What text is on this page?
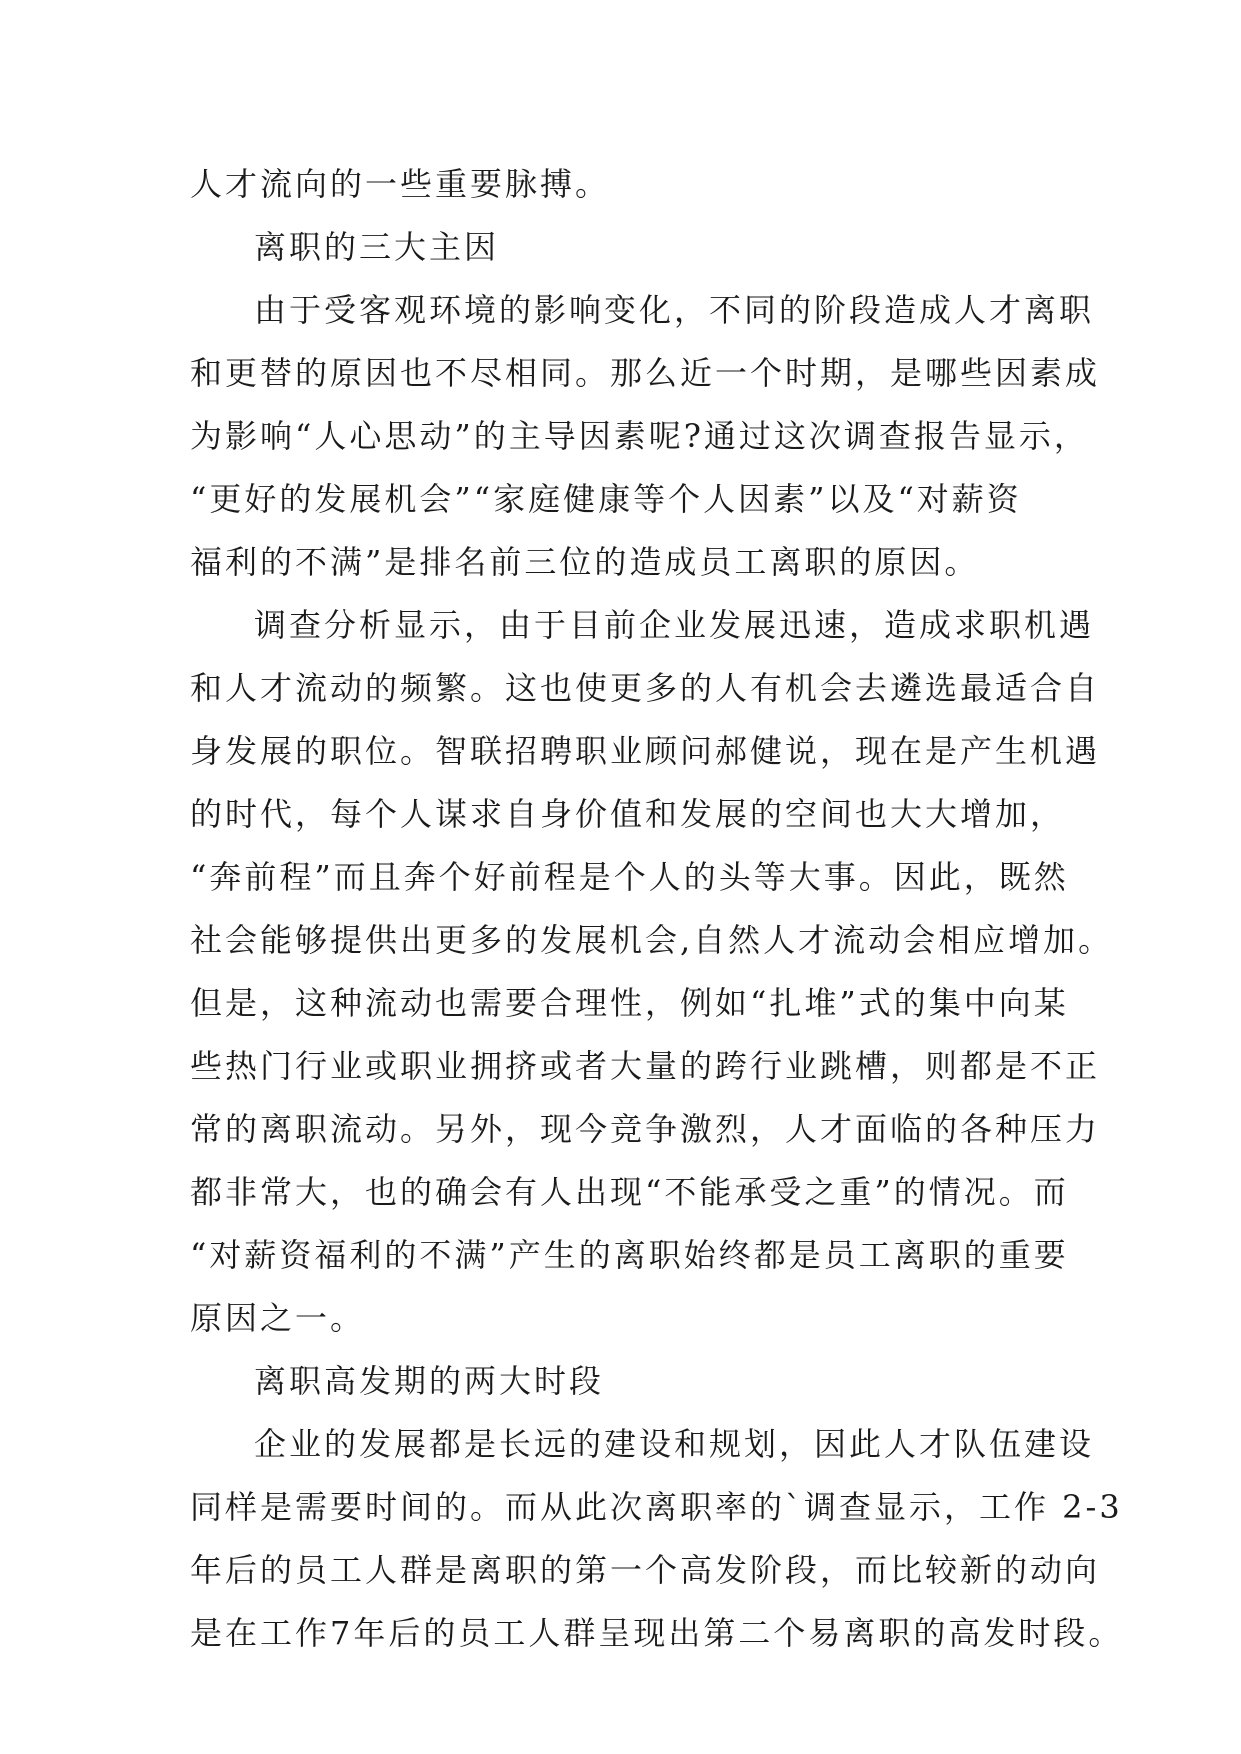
人才流向的一些重要脉搏。
离职的三大主因
由于受客观环境的影响变化，不同的阶段造成人才离职
和更替的原因也不尽相同。那么近一个时期，是哪些因素成
为影响“人心思动”的主导因素呢?通过这次调查报告显示，
“更好的发展机会”“家庭健康等个人因素”以及“对薪资
福利的不满”是排名前三位的造成员工离职的原因。
调查分析显示，由于目前企业发展迅速，造成求职机遇
和人才流动的频繁。这也使更多的人有机会去遴选最适合自
身发展的职位。智联招聘职业顾问郝健说，现在是产生机遇
的时代，每个人谋求自身价值和发展的空间也大大增加，
“奔前程”而且奔个好前程是个人的头等大事。因此，既然
社会能够提供出更多的发展机会,自然人才流动会相应增加。
但是，这种流动也需要合理性，例如“扎堆”式的集中向某
些热门行业或职业拥挤或者大量的跨行业跳槽，则都是不正
常的离职流动。另外，现今竞争激烈，人才面临的各种压力
都非常大，也的确会有人出现“不能承受之重”的情况。而
“对薪资福利的不满”产生的离职始终都是员工离职的重要
原因之一。
离职高发期的两大时段
企业的发展都是长远的建设和规划，因此人才队伍建设
同样是需要时间的。而从此次离职率的`调查显示，工作 2-3
年后的员工人群是离职的第一个高发阶段，而比较新的动向
是在工作7年后的员工人群呈现出第二个易离职的高发时段。
